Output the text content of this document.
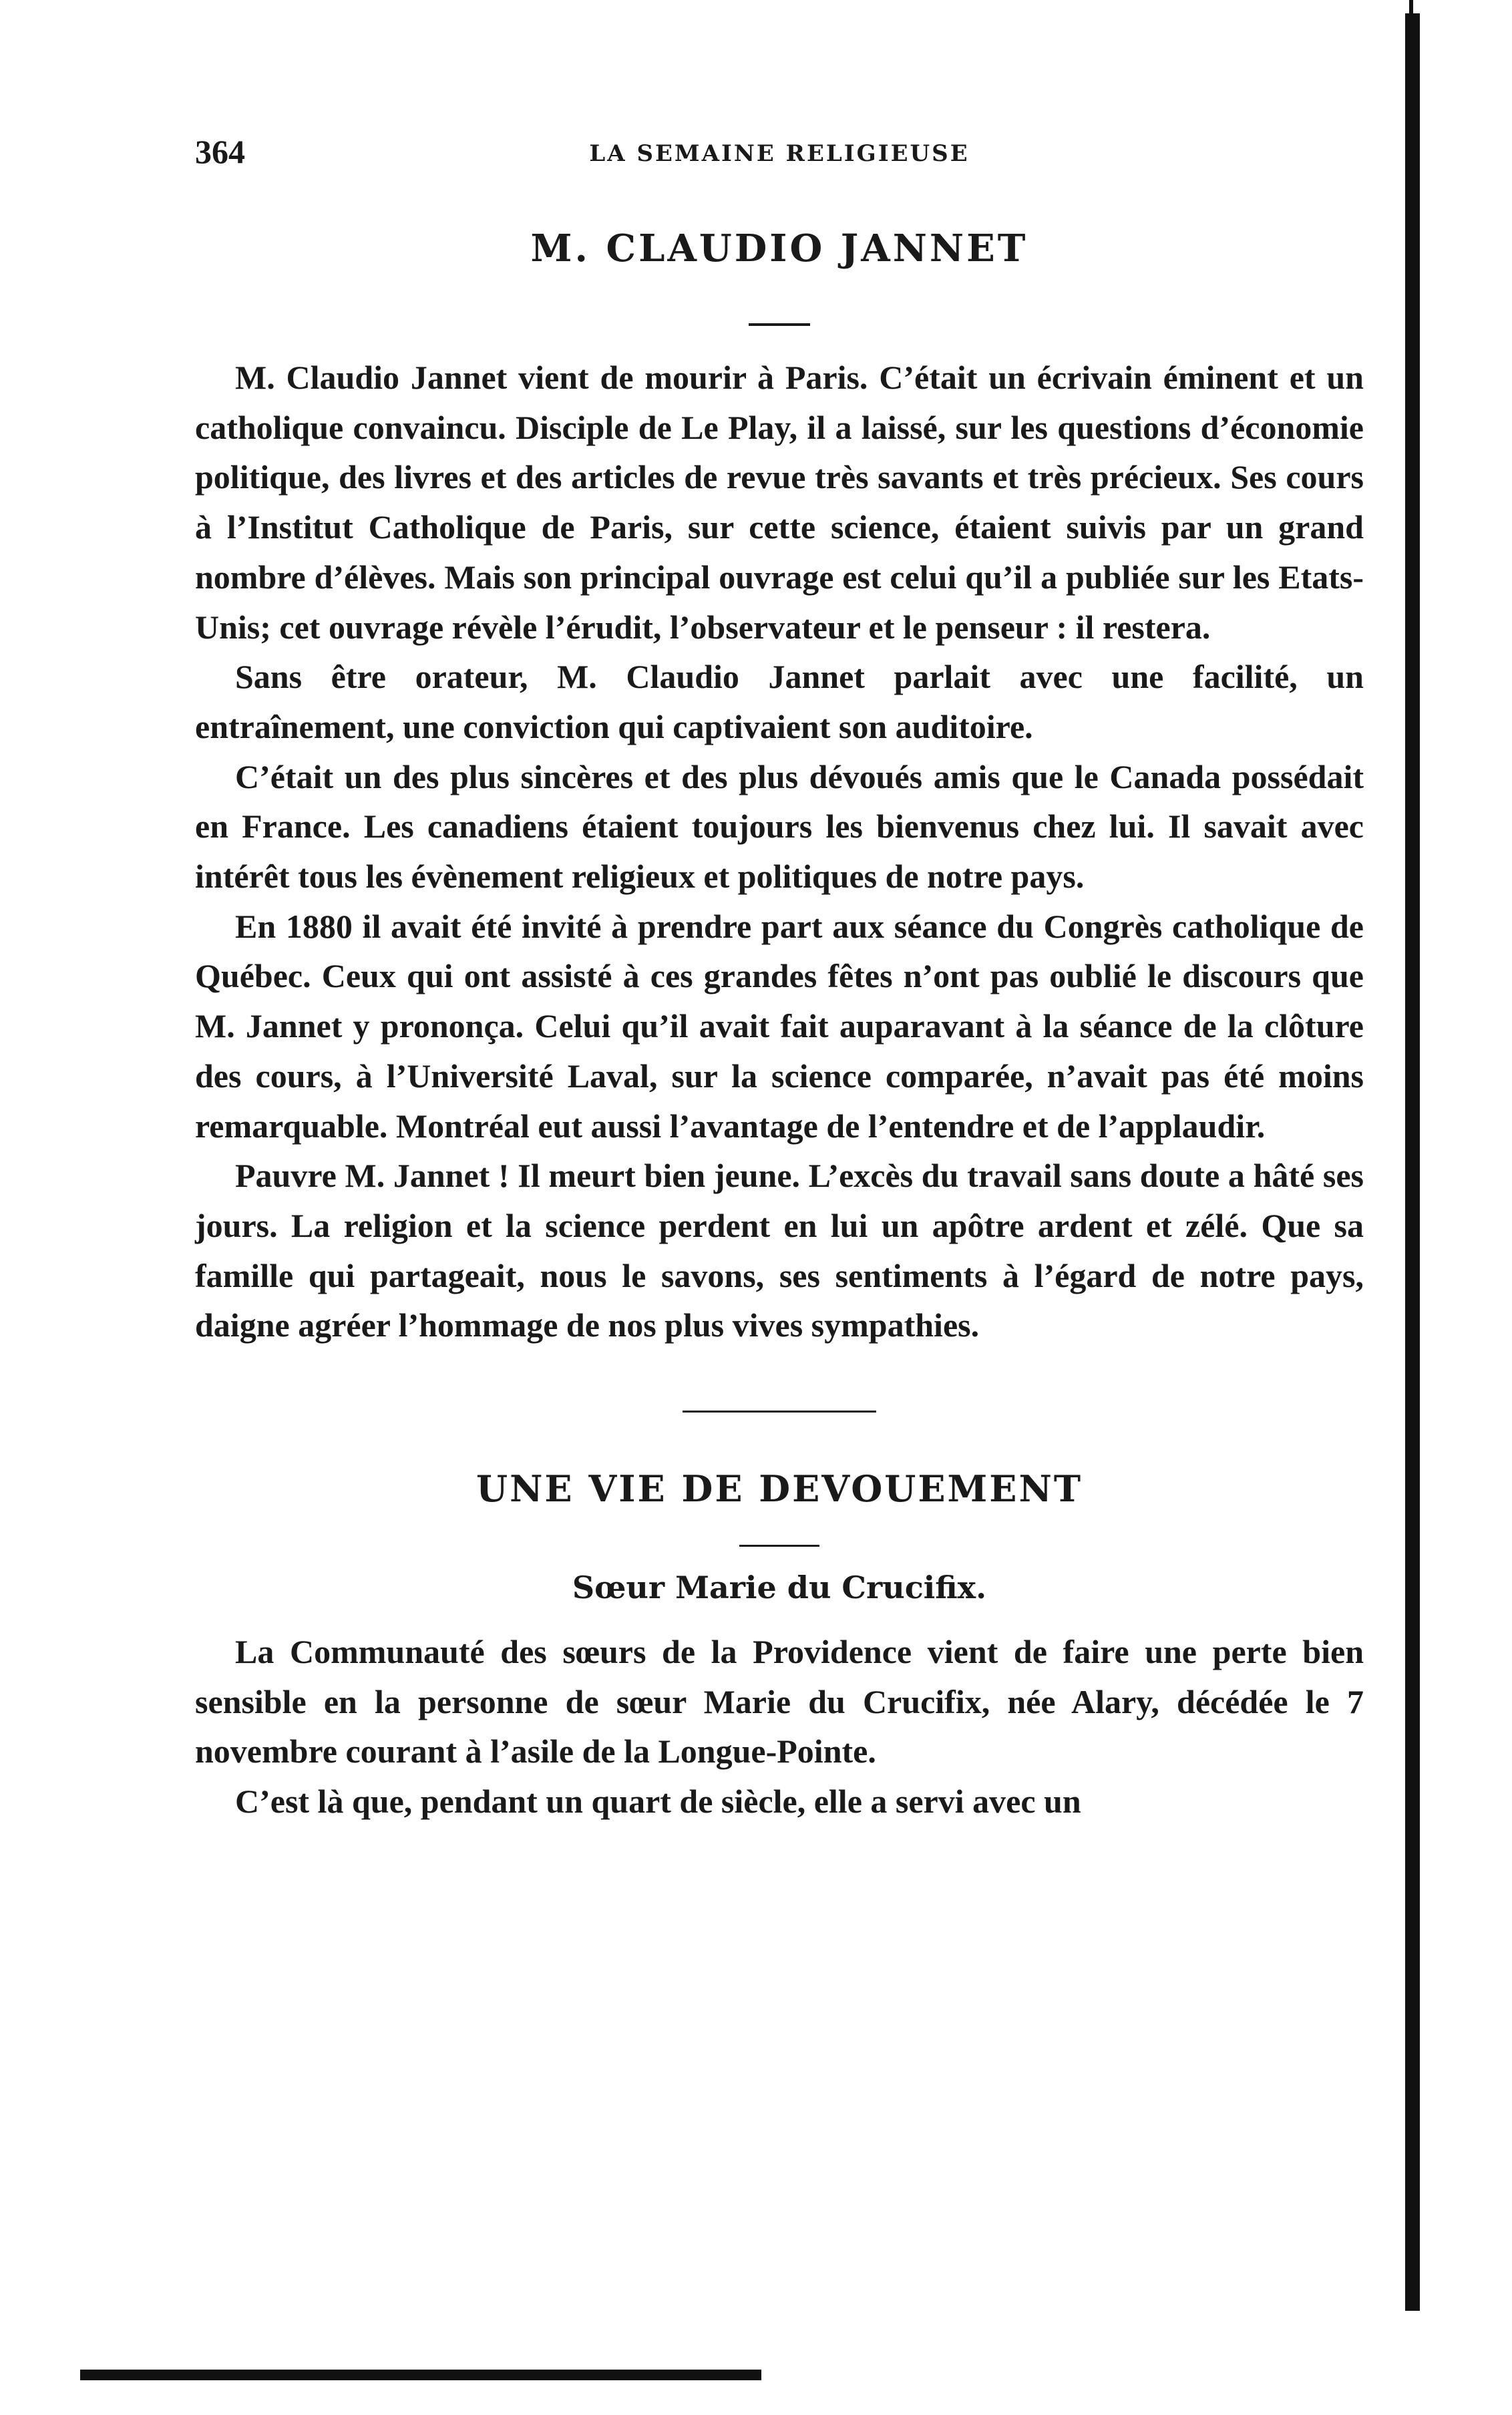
364	LA SEMAINE RELIGIEUSE
M. CLAUDIO JANNET

M. Claudio Jannet vient de mourir à Paris. C’était un écrivain éminent et un catholique convaincu. Disciple de Le Play, il a laissé, sur les questions d’économie politique, des livres et des articles de revue très savants et très précieux. Ses cours à l’Institut Catholique de Paris, sur cette science, étaient suivis par un grand nombre d’élèves. Mais son principal ouvrage est celui qu’il a publiée sur les Etats-Unis; cet ouvrage révèle l’érudit, l’observateur et le penseur : il restera.

Sans être orateur, M. Claudio Jannet parlait avec une facilité, un entraînement, une conviction qui captivaient son auditoire.

C’était un des plus sincères et des plus dévoués amis que le Canada possédait en France. Les canadiens étaient toujours les bienvenus chez lui. Il savait avec intérêt tous les évènement religieux et politiques de notre pays.

En 1880 il avait été invité à prendre part aux séance du Congrès catholique de Québec. Ceux qui ont assisté à ces grandes fêtes n’ont pas oublié le discours que M. Jannet y prononça. Celui qu’il avait fait auparavant à la séance de la clôture des cours, à l’Université Laval, sur la science comparée, n’avait pas été moins remarquable. Montréal eut aussi l’avantage de l’entendre et de l’applaudir.

Pauvre M. Jannet ! Il meurt bien jeune. L’excès du travail sans doute a hâté ses jours. La religion et la science perdent en lui un apôtre ardent et zélé. Que sa famille qui partageait, nous le savons, ses sentiments à l’égard de notre pays, daigne agréer l’hommage de nos plus vives sympathies.

UNE VIE DE DEVOUEMENT
Sœur Marie du Crucifix.

La Communauté des sœurs de la Providence vient de faire une perte bien sensible en la personne de sœur Marie du Crucifix, née Alary, décédée le 7 novembre courant à l’asile de la Longue-Pointe.

C’est là que, pendant un quart de siècle, elle a servi avec un
